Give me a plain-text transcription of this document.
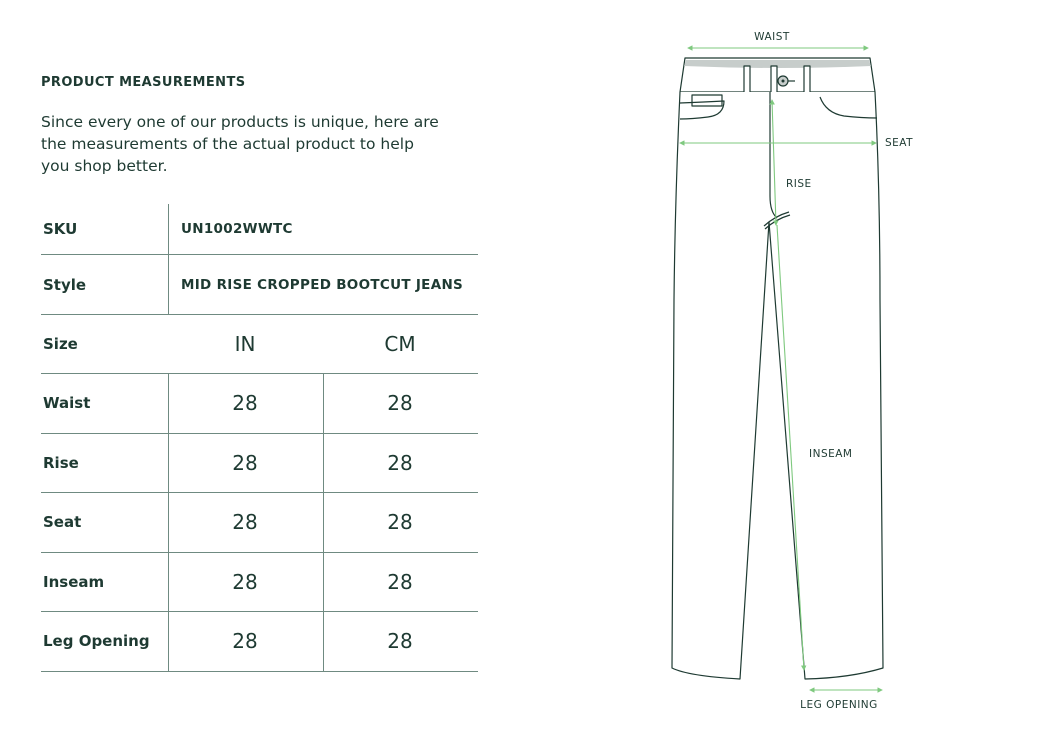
PRODUCT MEASUREMENTS

Since every one of our products is unique, here are the measurements of the actual product to help you shop better.

SKU	UN1002WWTC
Style	MID RISE CROPPED BOOTCUT JEANS
Size	IN	CM
Waist	28	28
Rise	28	28
Seat	28	28
Inseam	28	28
Leg Opening	28	28
WAIST
SEAT
RISE
INSEAM
LEG OPENING
